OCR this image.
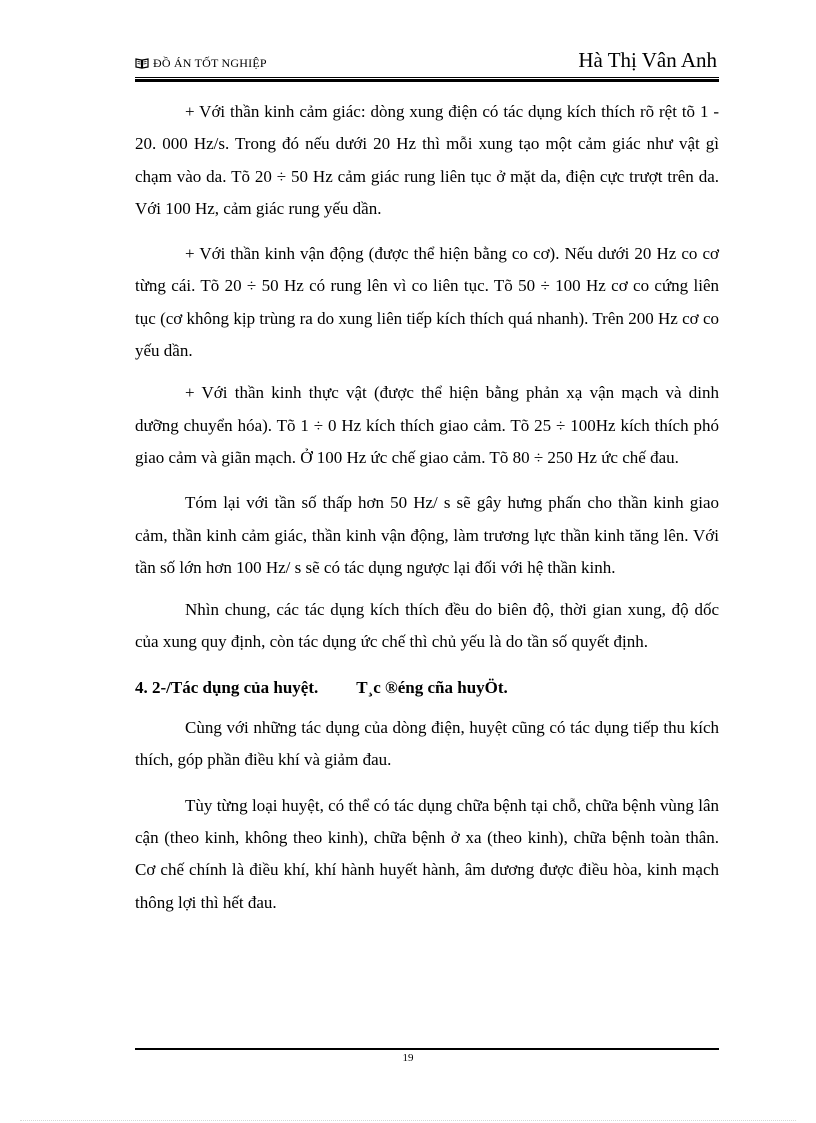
ĐỒ ÁN TỐT NGHIỆP	Hà Thị Vân Anh

+ Với thần kinh cảm giác: dòng xung điện có tác dụng kích thích rõ rệt tõ 1 - 20. 000 Hz/s. Trong đó nếu dưới 20 Hz thì mỗi xung tạo một cảm giác như vật gì chạm vào da. Tõ 20 ÷ 50 Hz cảm giác rung liên tục ở mặt da, điện cực trượt trên da. Với 100 Hz, cảm giác rung yếu dần.

+ Với thần kinh vận động (được thể hiện bằng co cơ). Nếu dưới 20 Hz co cơ từng cái. Tõ 20 ÷ 50 Hz có rung lên vì co liên tục. Tõ 50 ÷ 100 Hz cơ co cứng liên tục (cơ không kịp trùng ra do xung liên tiếp kích thích quá nhanh). Trên 200 Hz cơ co yếu dần.

+ Với thần kinh thực vật (được thể hiện bằng phản xạ vận mạch và dinh dưỡng chuyển hóa). Tõ 1 ÷ 0 Hz kích thích giao cảm. Tõ 25 ÷ 100Hz kích thích phó giao cảm và giãn mạch. Ở 100 Hz ức chế giao cảm. Tõ 80 ÷ 250 Hz ức chế đau.

Tóm lại với tần số thấp hơn 50 Hz/ s sẽ gây hưng phấn cho thần kinh giao cảm, thần kinh cảm giác, thần kinh vận động, làm trương lực thần kinh tăng lên. Với tần số lớn hơn 100 Hz/ s sẽ có tác dụng ngược lại đối với hệ thần kinh.

Nhìn chung, các tác dụng kích thích đều do biên độ, thời gian xung, độ dốc của xung quy định, còn tác dụng ức chế thì chủ yếu là do tần số quyết định.

4. 2-/Tác dụng của huyệt. T¸c ®éng cña huyÖt.

Cùng với những tác dụng của dòng điện, huyệt cũng có tác dụng tiếp thu kích thích, góp phần điều khí và giảm đau.

Tùy từng loại huyệt, có thể có tác dụng chữa bệnh tại chỗ, chữa bệnh vùng lân cận (theo kinh, không theo kinh), chữa bệnh ở xa (theo kinh), chữa bệnh toàn thân. Cơ chế chính là điều khí, khí hành huyết hành, âm dương được điều hòa, kinh mạch thông lợi thì hết đau.

19
